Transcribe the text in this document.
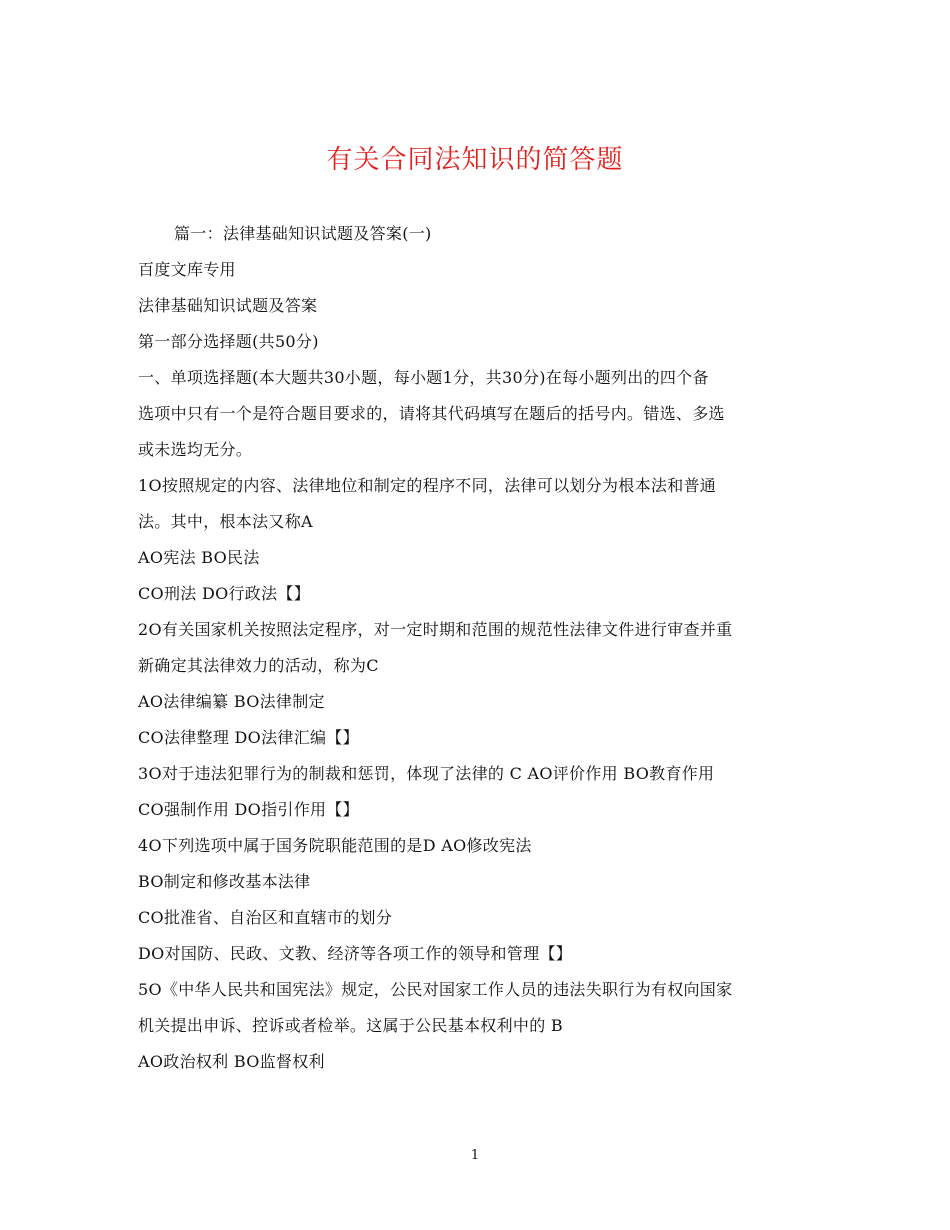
有关合同法知识的简答题
篇一：法律基础知识试题及答案(一)
百度文库专用
法律基础知识试题及答案
第一部分选择题(共50分)
一、单项选择题(本大题共30小题，每小题1分，共30分)在每小题列出的四个备
选项中只有一个是符合题目要求的，请将其代码填写在题后的括号内。错选、多选
或未选均无分。
1O按照规定的内容、法律地位和制定的程序不同，法律可以划分为根本法和普通
法。其中，根本法又称A
AO宪法 BO民法
CO刑法 DO行政法【】
2O有关国家机关按照法定程序，对一定时期和范围的规范性法律文件进行审查并重
新确定其法律效力的活动，称为C
AO法律编纂 BO法律制定
CO法律整理 DO法律汇编【】
3O对于违法犯罪行为的制裁和惩罚，体现了法律的 C AO评价作用 BO教育作用
CO强制作用 DO指引作用【】
4O下列选项中属于国务院职能范围的是D AO修改宪法
BO制定和修改基本法律
CO批准省、自治区和直辖市的划分
DO对国防、民政、文教、经济等各项工作的领导和管理【】
5O《中华人民共和国宪法》规定，公民对国家工作人员的违法失职行为有权向国家
机关提出申诉、控诉或者检举。这属于公民基本权利中的 B
AO政治权利 BO监督权利
1
